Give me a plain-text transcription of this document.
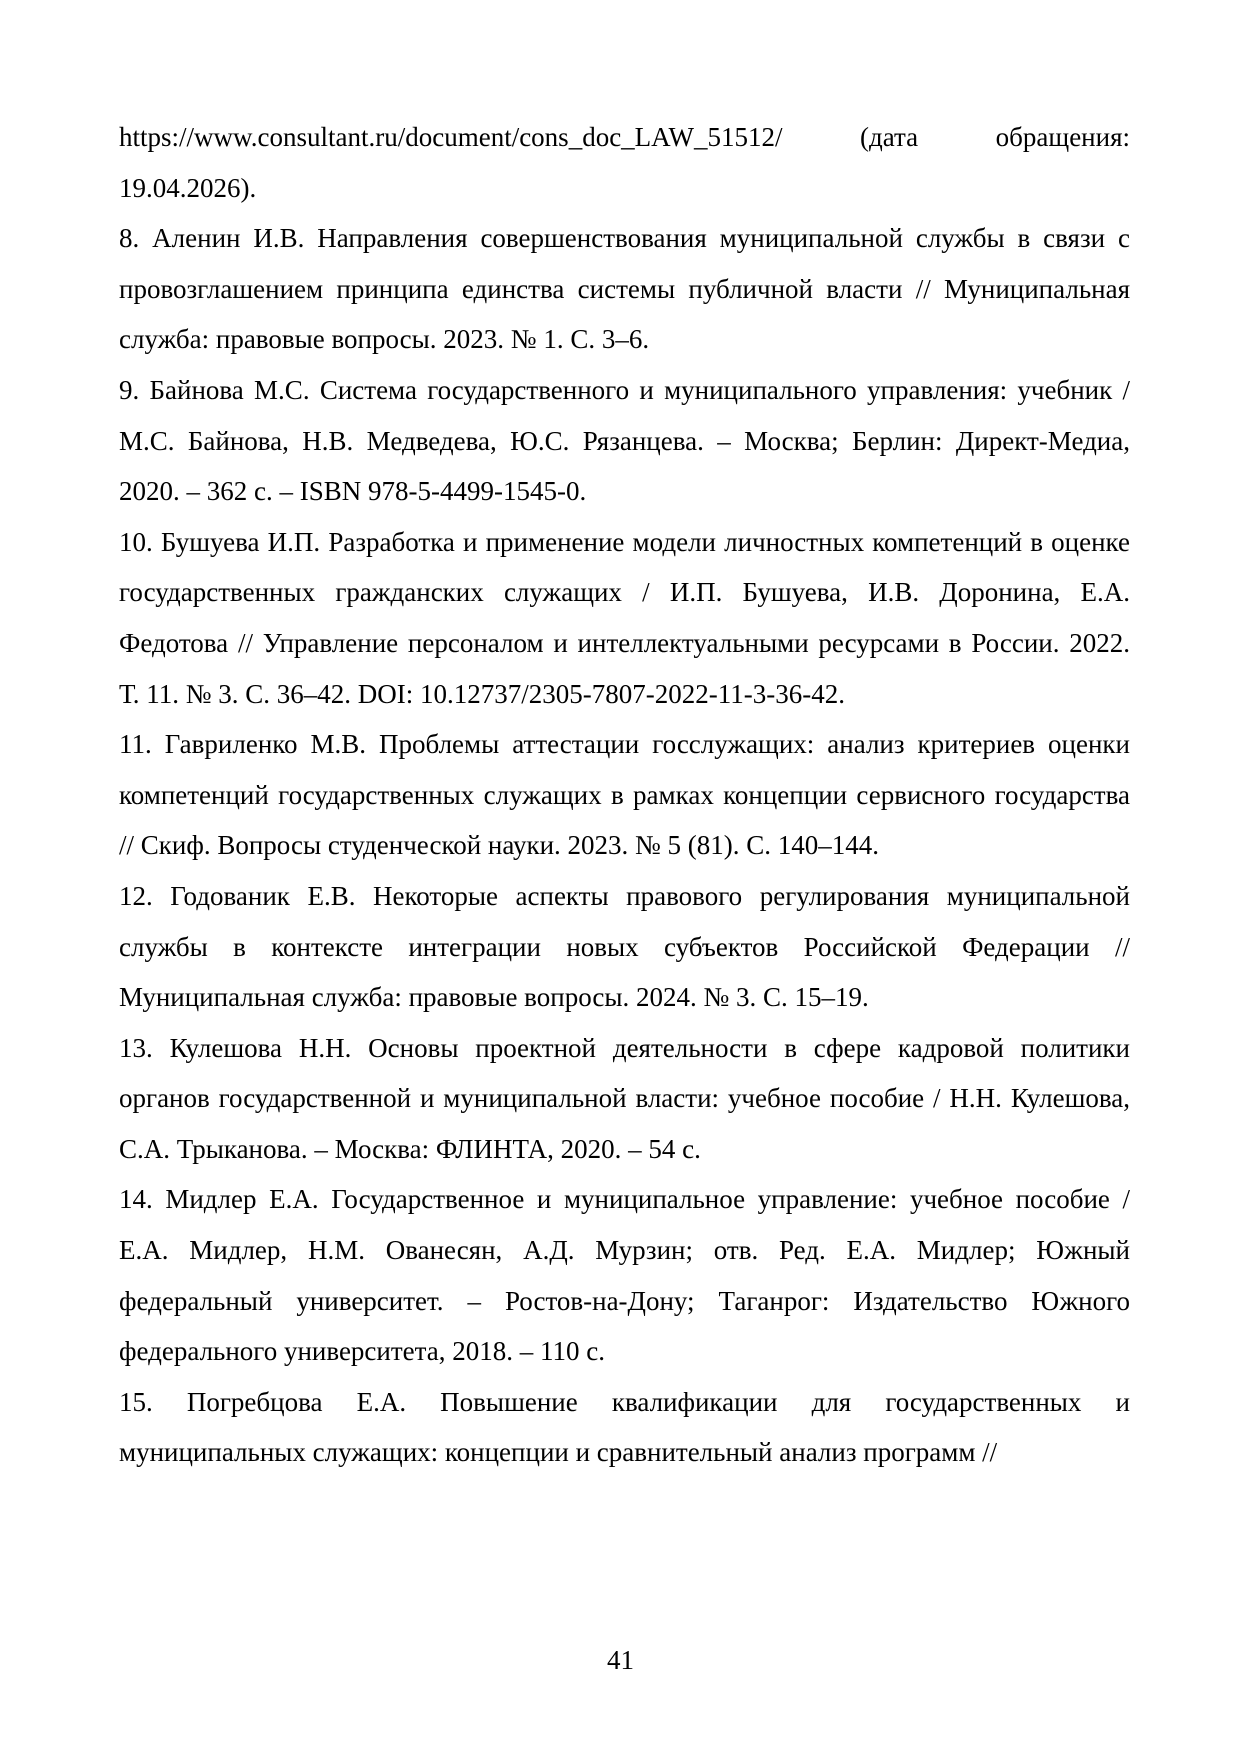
https://www.consultant.ru/document/cons_doc_LAW_51512/ (дата обращения: 19.04.2026).

8. Аленин И.В. Направления совершенствования муниципальной службы в связи с провозглашением принципа единства системы публичной власти // Муниципальная служба: правовые вопросы. 2023. № 1. С. 3–6.

9. Байнова М.С. Система государственного и муниципального управления: учебник / М.С. Байнова, Н.В. Медведева, Ю.С. Рязанцева. – Москва; Берлин: Директ-Медиа, 2020. – 362 с. – ISBN 978-5-4499-1545-0.

10. Бушуева И.П. Разработка и применение модели личностных компетенций в оценке государственных гражданских служащих / И.П. Бушуева, И.В. Доронина, Е.А. Федотова // Управление персоналом и интеллектуальными ресурсами в России. 2022. Т. 11. № 3. С. 36–42. DOI: 10.12737/2305-7807-2022-11-3-36-42.

11. Гавриленко М.В. Проблемы аттестации госслужащих: анализ критериев оценки компетенций государственных служащих в рамках концепции сервисного государства // Скиф. Вопросы студенческой науки. 2023. № 5 (81). С. 140–144.

12. Годованик Е.В. Некоторые аспекты правового регулирования муниципальной службы в контексте интеграции новых субъектов Российской Федерации // Муниципальная служба: правовые вопросы. 2024. № 3. С. 15–19.

13. Кулешова Н.Н. Основы проектной деятельности в сфере кадровой политики органов государственной и муниципальной власти: учебное пособие / Н.Н. Кулешова, С.А. Трыканова. – Москва: ФЛИНТА, 2020. – 54 с.

14. Мидлер Е.А. Государственное и муниципальное управление: учебное пособие / Е.А. Мидлер, Н.М. Ованесян, А.Д. Мурзин; отв. Ред. Е.А. Мидлер; Южный федеральный университет. – Ростов-на-Дону; Таганрог: Издательство Южного федерального университета, 2018. – 110 с.

15. Погребцова Е.А. Повышение квалификации для государственных и муниципальных служащих: концепции и сравнительный анализ программ //

41
